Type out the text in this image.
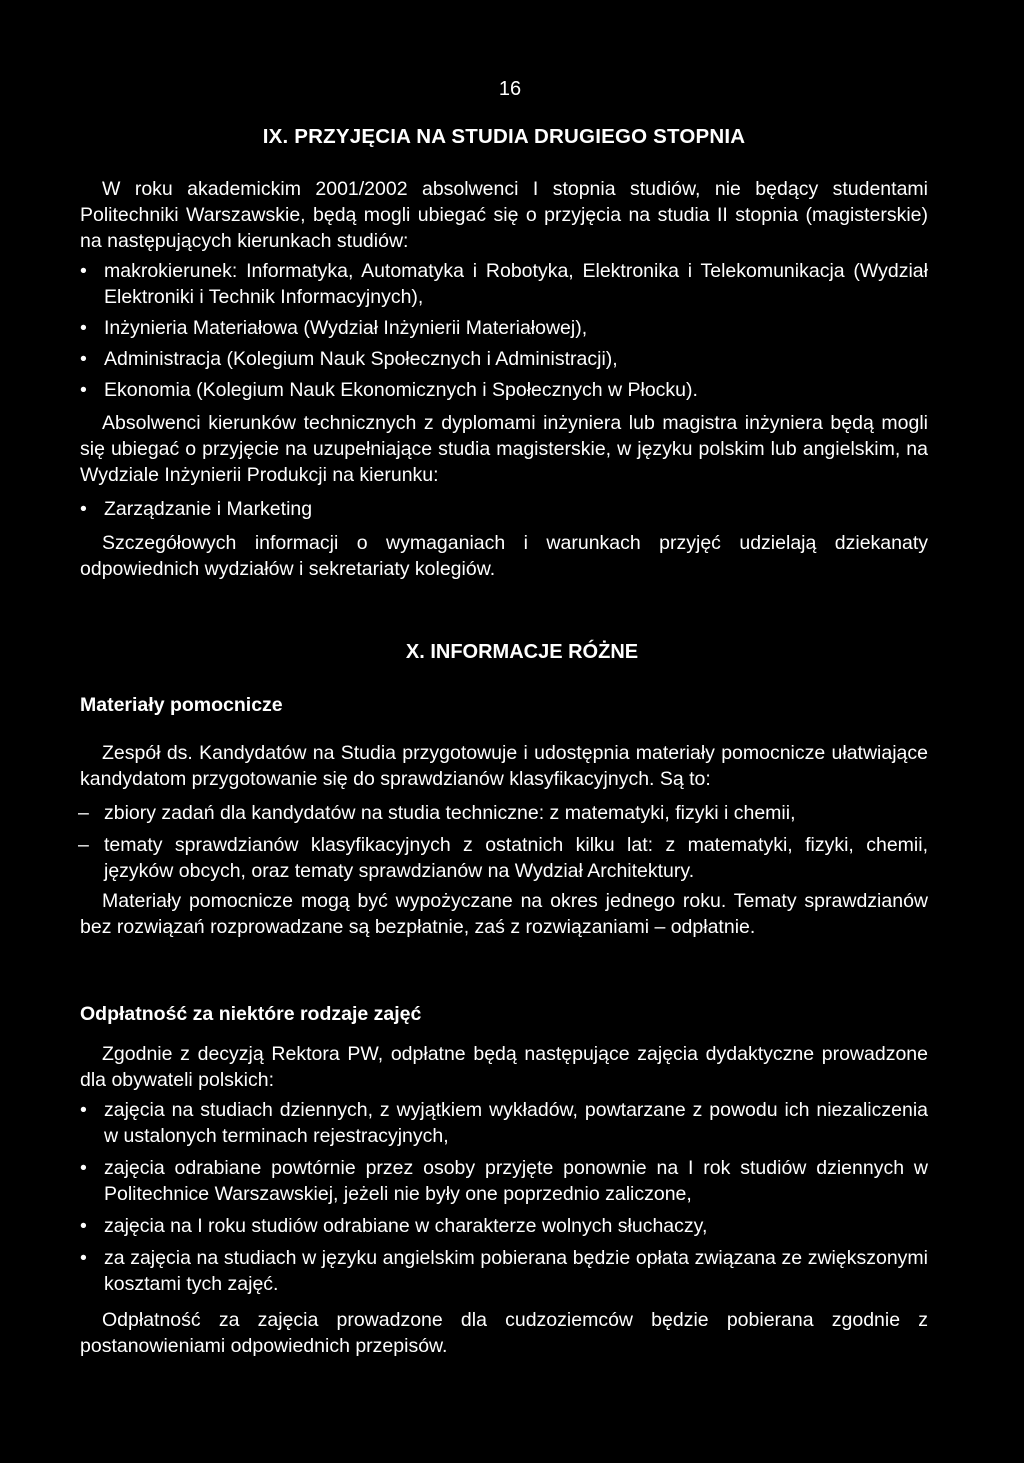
16
IX. PRZYJĘCIA NA STUDIA DRUGIEGO STOPNIA

W roku akademickim 2001/2002 absolwenci I stopnia studiów, nie będący studentami Politechniki Warszawskie, będą mogli ubiegać się o przyjęcia na studia II stopnia (magisterskie) na następujących kierunkach studiów:

• makrokierunek: Informatyka, Automatyka i Robotyka, Elektronika i Telekomunikacja (Wydział Elektroniki i Technik Informacyjnych),
• Inżynieria Materiałowa (Wydział Inżynierii Materiałowej),
• Administracja (Kolegium Nauk Społecznych i Administracji),
• Ekonomia (Kolegium Nauk Ekonomicznych i Społecznych w Płocku).

Absolwenci kierunków technicznych z dyplomami inżyniera lub magistra inżyniera będą mogli się ubiegać o przyjęcie na uzupełniające studia magisterskie, w języku polskim lub angielskim, na Wydziale Inżynierii Produkcji na kierunku:

• Zarządzanie i Marketing

Szczegółowych informacji o wymaganiach i warunkach przyjęć udzielają dziekanaty odpowiednich wydziałów i sekretariaty kolegiów.

X. INFORMACJE RÓŻNE
Materiały pomocnicze

Zespół ds. Kandydatów na Studia przygotowuje i udostępnia materiały pomocnicze ułatwiające kandydatom przygotowanie się do sprawdzianów klasyfikacyjnych. Są to:

– zbiory zadań dla kandydatów na studia techniczne: z matematyki, fizyki i chemii,
– tematy sprawdzianów klasyfikacyjnych z ostatnich kilku lat: z matematyki, fizyki, chemii, języków obcych, oraz tematy sprawdzianów na Wydział Architektury.

Materiały pomocnicze mogą być wypożyczane na okres jednego roku. Tematy sprawdzianów bez rozwiązań rozprowadzane są bezpłatnie, zaś z rozwiązaniami – odpłatnie.

Odpłatność za niektóre rodzaje zajęć

Zgodnie z decyzją Rektora PW, odpłatne będą następujące zajęcia dydaktyczne prowadzone dla obywateli polskich:

• zajęcia na studiach dziennych, z wyjątkiem wykładów, powtarzane z powodu ich niezaliczenia w ustalonych terminach rejestracyjnych,
• zajęcia odrabiane powtórnie przez osoby przyjęte ponownie na I rok studiów dziennych w Politechnice Warszawskiej, jeżeli nie były one poprzednio zaliczone,
• zajęcia na I roku studiów odrabiane w charakterze wolnych słuchaczy,
• za zajęcia na studiach w języku angielskim pobierana będzie opłata związana ze zwiększonymi kosztami tych zajęć.

Odpłatność za zajęcia prowadzone dla cudzoziemców będzie pobierana zgodnie z postanowieniami odpowiednich przepisów.
